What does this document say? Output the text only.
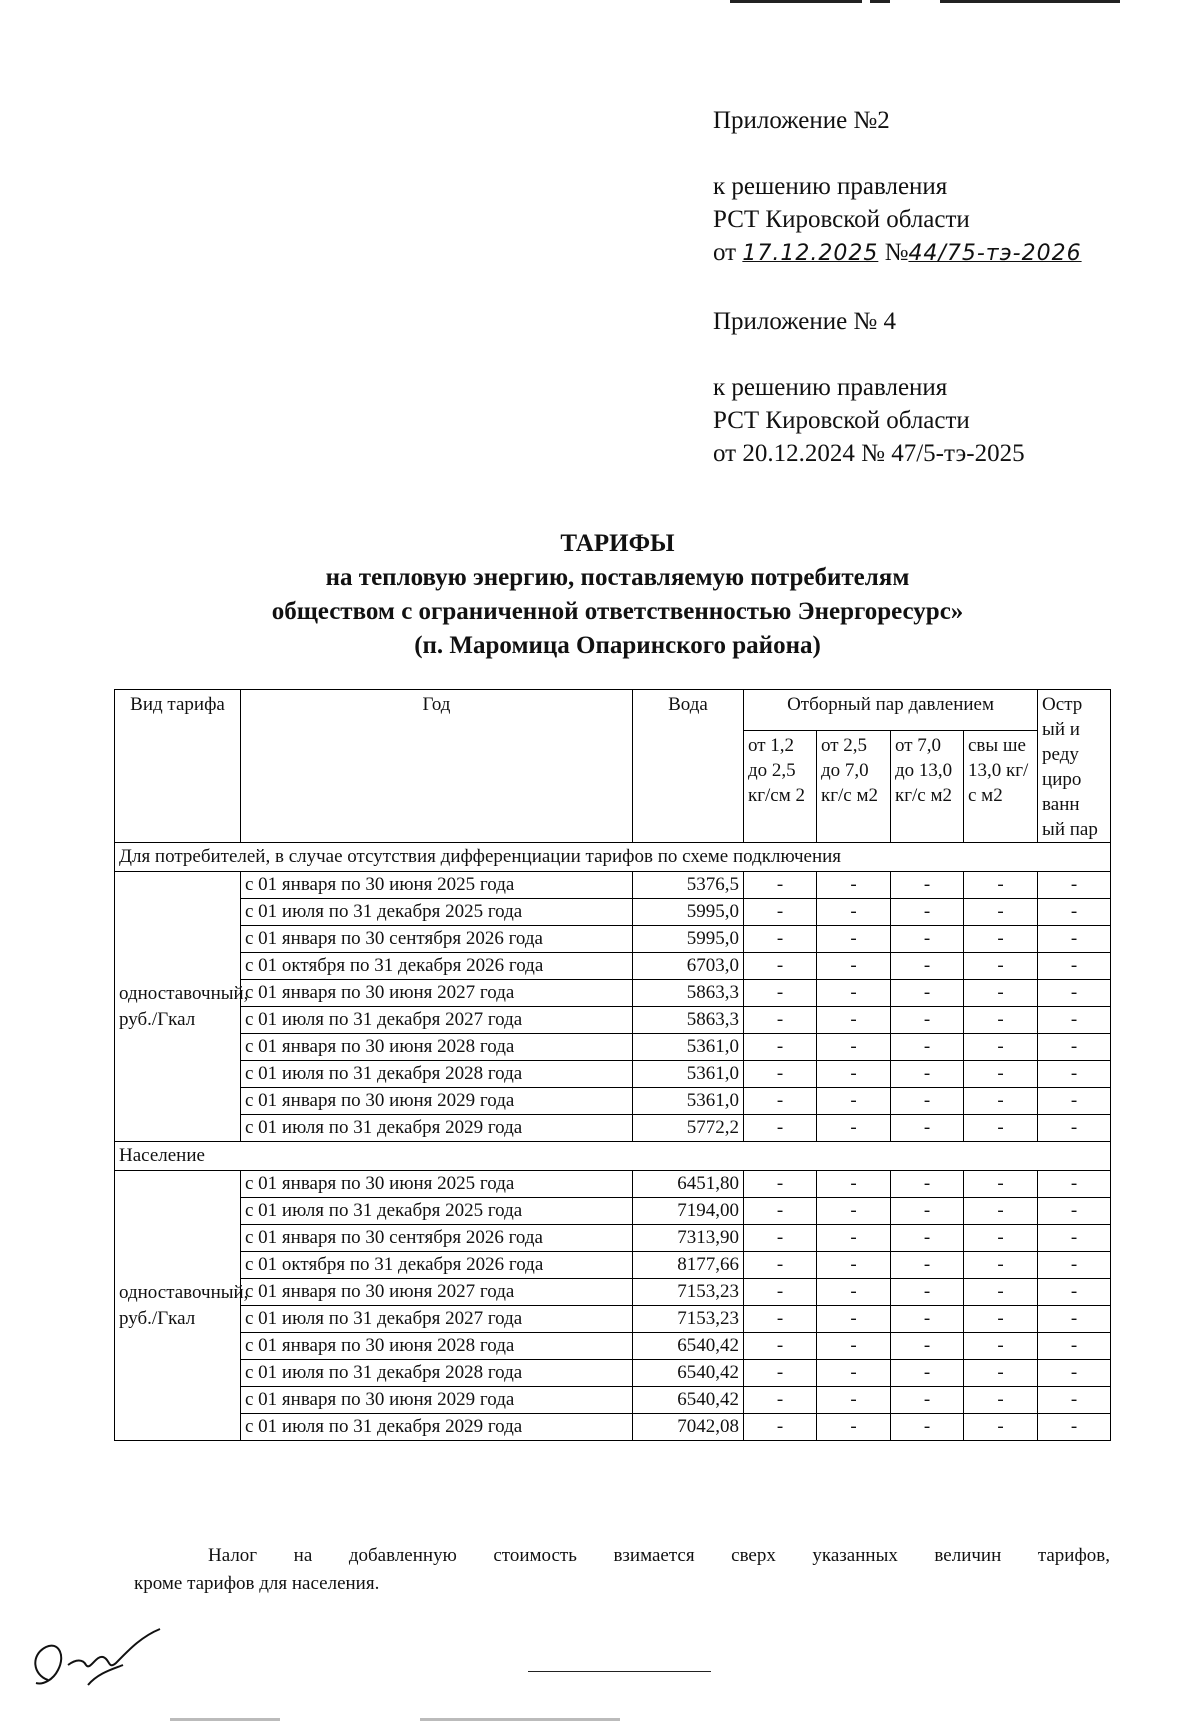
Приложение №2
к решению правления
РСТ Кировской области
от 17.12.2025 №44/75-тэ-2026
Приложение № 4
к решению правления
РСТ Кировской области
от 20.12.2024 № 47/5-тэ-2025
ТАРИФЫ
на тепловую энергию, поставляемую потребителям
обществом с ограниченной ответственностью Энергоресурс»
(п. Маромица Опаринского района)
Вид тарифа	Год	Вода	Отборный пар давлением				Остр ый и реду циро ванн ый пар
			от 1,2 до 2,5 кг/см 2	от 2,5 до 7,0 кг/с м2	от 7,0 до 13,0 кг/с м2	свы ше 13,0 кг/с м2	
Для потребителей, в случае отсутствия дифференциации тарифов по схеме подключения							
одноставочный, руб./Гкал	с 01 января по 30 июня 2025 года	5376,5	-	-	-	-	-
	с 01 июля по 31 декабря 2025 года	5995,0	-	-	-	-	-
	с 01 января по 30 сентября 2026 года	5995,0	-	-	-	-	-
	с 01 октября по 31 декабря 2026 года	6703,0	-	-	-	-	-
	с 01 января по 30 июня 2027 года	5863,3	-	-	-	-	-
	с 01 июля по 31 декабря 2027 года	5863,3	-	-	-	-	-
	с 01 января по 30 июня 2028 года	5361,0	-	-	-	-	-
	с 01 июля по 31 декабря 2028 года	5361,0	-	-	-	-	-
	с 01 января по 30 июня 2029 года	5361,0	-	-	-	-	-
	с 01 июля по 31 декабря 2029 года	5772,2	-	-	-	-	-
Население							
одноставочный, руб./Гкал	с 01 января по 30 июня 2025 года	6451,80	-	-	-	-	-
	с 01 июля по 31 декабря 2025 года	7194,00	-	-	-	-	-
	с 01 января по 30 сентября 2026 года	7313,90	-	-	-	-	-
	с 01 октября по 31 декабря 2026 года	8177,66	-	-	-	-	-
	с 01 января по 30 июня 2027 года	7153,23	-	-	-	-	-
	с 01 июля по 31 декабря 2027 года	7153,23	-	-	-	-	-
	с 01 января по 30 июня 2028 года	6540,42	-	-	-	-	-
	с 01 июля по 31 декабря 2028 года	6540,42	-	-	-	-	-
	с 01 января по 30 июня 2029 года	6540,42	-	-	-	-	-
	с 01 июля по 31 декабря 2029 года	7042,08	-	-	-	-	-
Налог на добавленную стоимость взимается сверх указанных величин тарифов,
кроме тарифов для населения.
